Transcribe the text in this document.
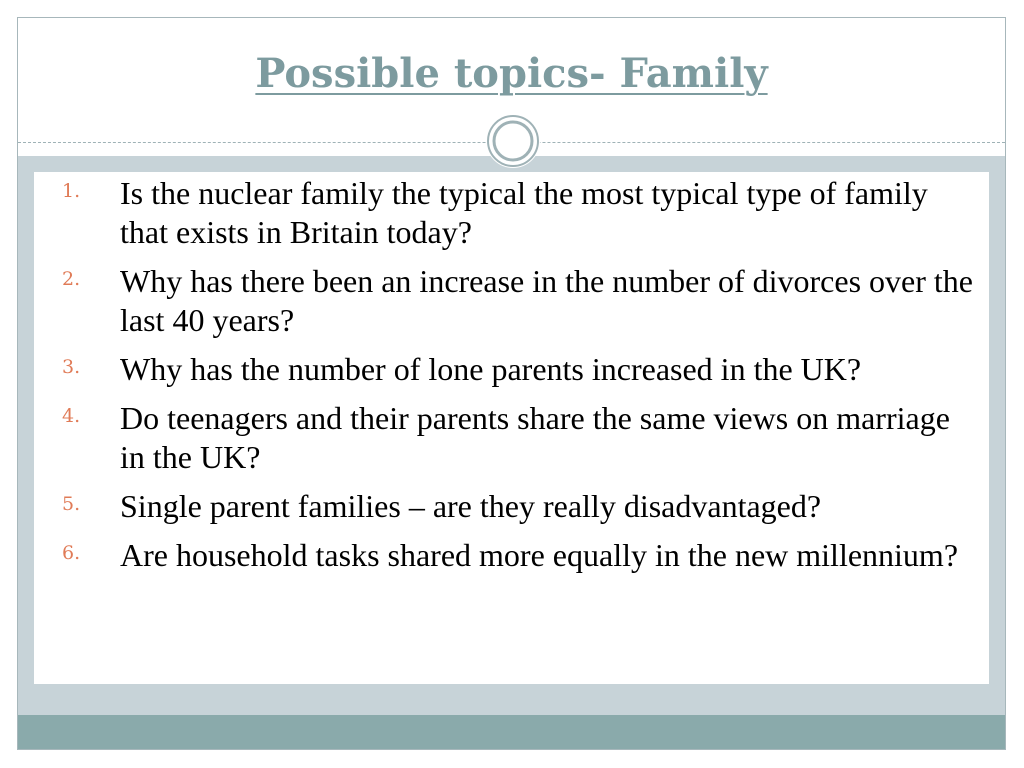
Possible topics- Family
1. Is the nuclear family the typical the most typical type of family that exists in Britain today?
2. Why has there been an increase in the number of divorces over the last 40 years?
3. Why has the number of lone parents increased in the UK?
4. Do teenagers and their parents share the same views on marriage in the UK?
5. Single parent families – are they really disadvantaged?
6. Are household tasks shared more equally in the new millennium?
